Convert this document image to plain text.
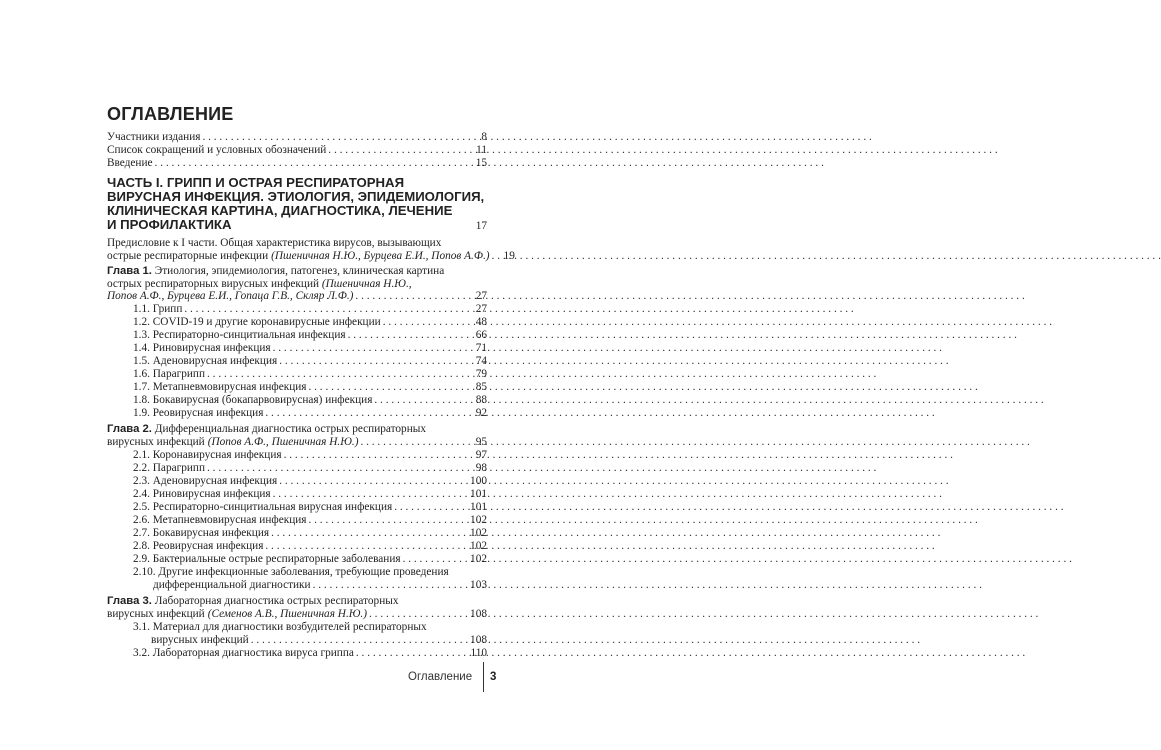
ОГЛАВЛЕНИЕ
Участники издания . . .	8
Список сокращений и условных обозначений . . .	11
Введение . . .	15
ЧАСТЬ I. ГРИПП И ОСТРАЯ РЕСПИРАТОРНАЯ
ВИРУСНАЯ ИНФЕКЦИЯ. ЭТИОЛОГИЯ, ЭПИДЕМИОЛОГИЯ,
КЛИНИЧЕСКАЯ КАРТИНА, ДИАГНОСТИКА, ЛЕЧЕНИЕ
И ПРОФИЛАКТИКА	17
Предисловие к I части. Общая характеристика вирусов, вызывающих
острые респираторные инфекции (Пшеничная Н.Ю., Бурцева Е.И., Попов А.Ф.) . . . 19
Глава 1. Этиология, эпидемиология, патогенез, клиническая картина
острых респираторных вирусных инфекций (Пшеничная Н.Ю.,
Попов А.Ф., Бурцева Е.И., Гопаца Г.В., Скляр Л.Ф.) . . .	27
1.1. Грипп . . .	27
1.2. COVID-19 и другие коронавирусные инфекции . . .	48
1.3. Респираторно-синцитиальная инфекция . . .	66
1.4. Риновирусная инфекция . . .	71
1.5. Аденовирусная инфекция . . .	74
1.6. Парагрипп . . .	79
1.7. Метапневмовирусная инфекция . . .	85
1.8. Бокавирусная (бокапарвовирусная) инфекция . . .	88
1.9. Реовирусная инфекция . . .	92
Глава 2. Дифференциальная диагностика острых респираторных
вирусных инфекций (Попов А.Ф., Пшеничная Н.Ю.) . . .	95
2.1. Коронавирусная инфекция . . .	97
2.2. Парагрипп . . .	98
2.3. Аденовирусная инфекция . . .	100
2.4. Риновирусная инфекция . . .	101
2.5. Респираторно-синцитиальная вирусная инфекция . . .	101
2.6. Метапневмовирусная инфекция . . .	102
2.7. Бокавирусная инфекция . . .	102
2.8. Реовирусная инфекция . . .	102
2.9. Бактериальные острые респираторные заболевания . . .	102
2.10. Другие инфекционные заболевания, требующие проведения
дифференциальной диагностики . . .	103
Глава 3. Лабораторная диагностика острых респираторных
вирусных инфекций (Семенов А.В., Пшеничная Н.Ю.) . . .	108
3.1. Материал для диагностики возбудителей респираторных
вирусных инфекций . . .	108
3.2. Лабораторная диагностика вируса гриппа . . .	110
Оглавление 3
